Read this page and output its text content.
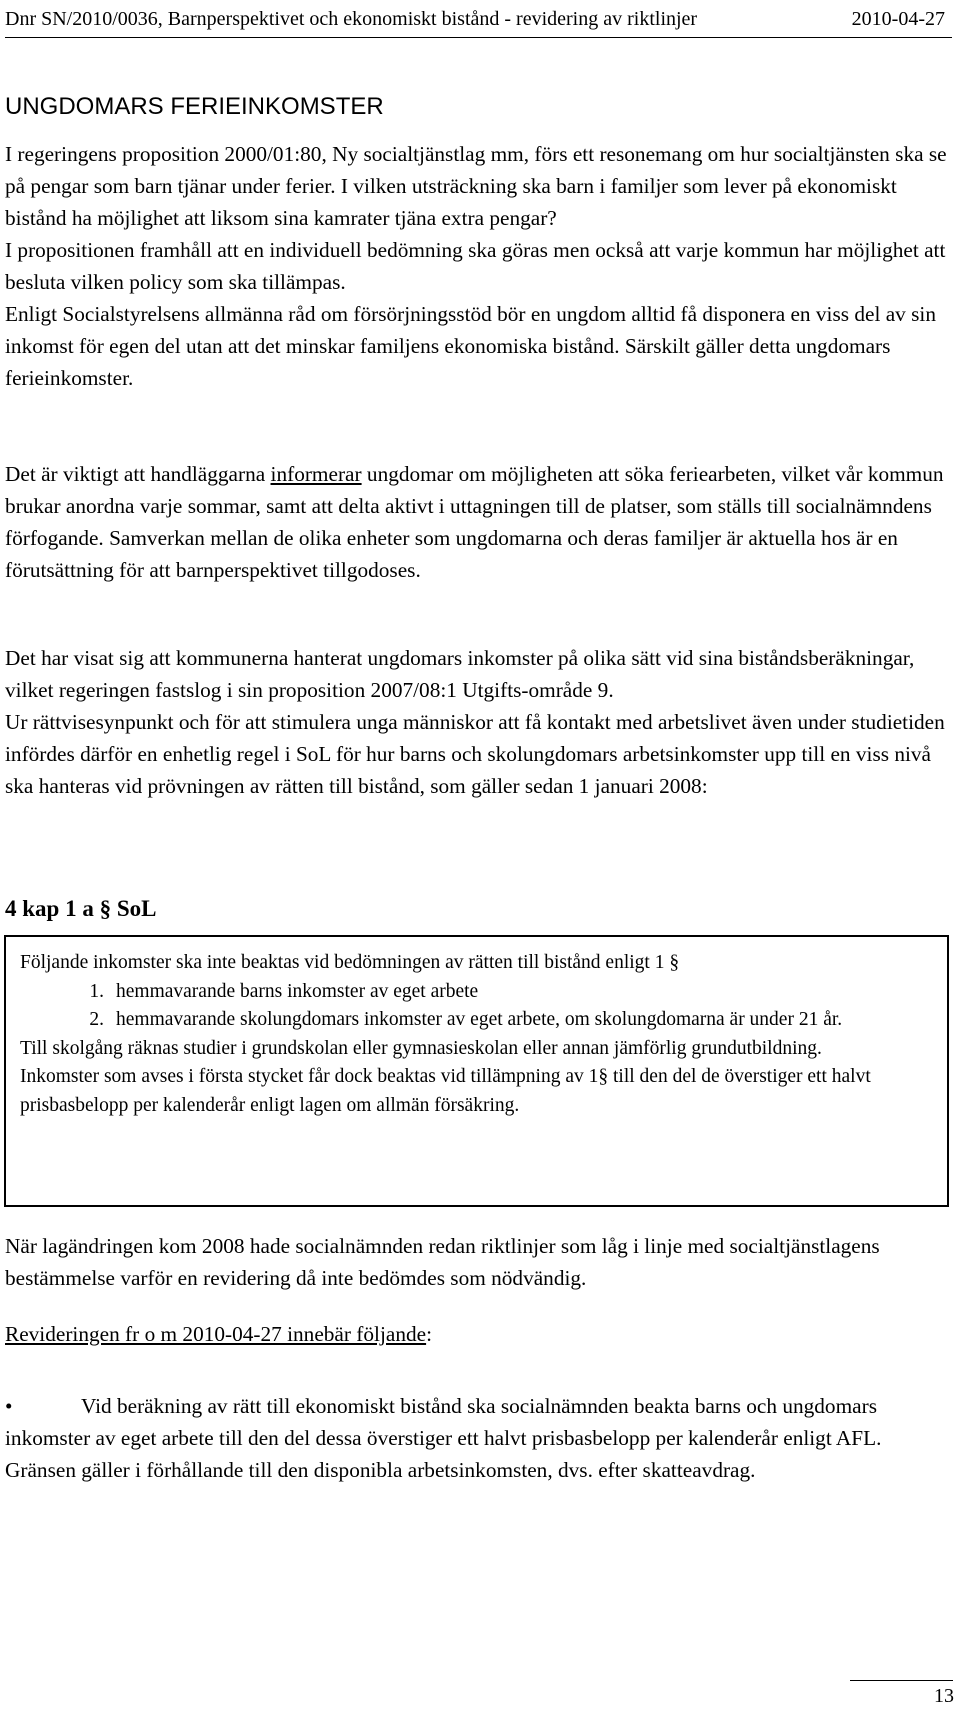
Dnr SN/2010/0036, Barnperspektivet och ekonomiskt bistånd - revidering av riktlinjer	2010-04-27
UNGDOMARS FERIEINKOMSTER

I regeringens proposition 2000/01:80, Ny socialtjänstlag mm, förs ett resonemang om hur socialtjänsten ska se på pengar som barn tjänar under ferier. I vilken utsträckning ska barn i familjer som lever på ekonomiskt bistånd ha möjlighet att liksom sina kamrater tjäna extra pengar?

I propositionen framhåll att en individuell bedömning ska göras men också att varje kommun har möjlighet att besluta vilken policy som ska tillämpas.

Enligt Socialstyrelsens allmänna råd om försörjningsstöd bör en ungdom alltid få disponera en viss del av sin inkomst för egen del utan att det minskar familjens ekonomiska bistånd. Särskilt gäller detta ungdomars ferieinkomster.

Det är viktigt att handläggarna informerar ungdomar om möjligheten att söka feriearbeten, vilket vår kommun brukar anordna varje sommar, samt att delta aktivt i uttagningen till de platser, som ställs till socialnämndens förfogande. Samverkan mellan de olika enheter som ungdomarna och deras familjer är aktuella hos är en förutsättning för att barnperspektivet tillgodoses.

Det har visat sig att kommunerna hanterat ungdomars inkomster på olika sätt vid sina biståndsberäkningar, vilket regeringen fastslog i sin proposition 2007/08:1 Utgifts-område 9.

Ur rättvisesynpunkt och för att stimulera unga människor att få kontakt med arbetslivet även under studietiden infördes därför en enhetlig regel i SoL för hur barns och skolungdomars arbetsinkomster upp till en viss nivå ska hanteras vid prövningen av rätten till bistånd, som gäller sedan 1 januari 2008:

4 kap 1 a § SoL

Följande inkomster ska inte beaktas vid bedömningen av rätten till bistånd enligt 1 §

1. hemmavarande barns inkomster av eget arbete
2. hemmavarande skolungdomars inkomster av eget arbete, om skolungdomarna är under 21 år.

Till skolgång räknas studier i grundskolan eller gymnasieskolan eller annan jämförlig grundutbildning.

Inkomster som avses i första stycket får dock beaktas vid tillämpning av 1§ till den del de överstiger ett halvt prisbasbelopp per kalenderår enligt lagen om allmän försäkring.

När lagändringen kom 2008 hade socialnämnden redan riktlinjer som låg i linje med socialtjänstlagens bestämmelse varför en revidering då inte bedömdes som nödvändig.

Revideringen fr o m 2010-04-27 innebär följande:

•	Vid beräkning av rätt till ekonomiskt bistånd ska socialnämnden beakta barns och ungdomars inkomster av eget arbete till den del dessa överstiger ett halvt prisbasbelopp per kalenderår enligt AFL. Gränsen gäller i förhållande till den disponibla arbetsinkomsten, dvs. efter skatteavdrag.

13
